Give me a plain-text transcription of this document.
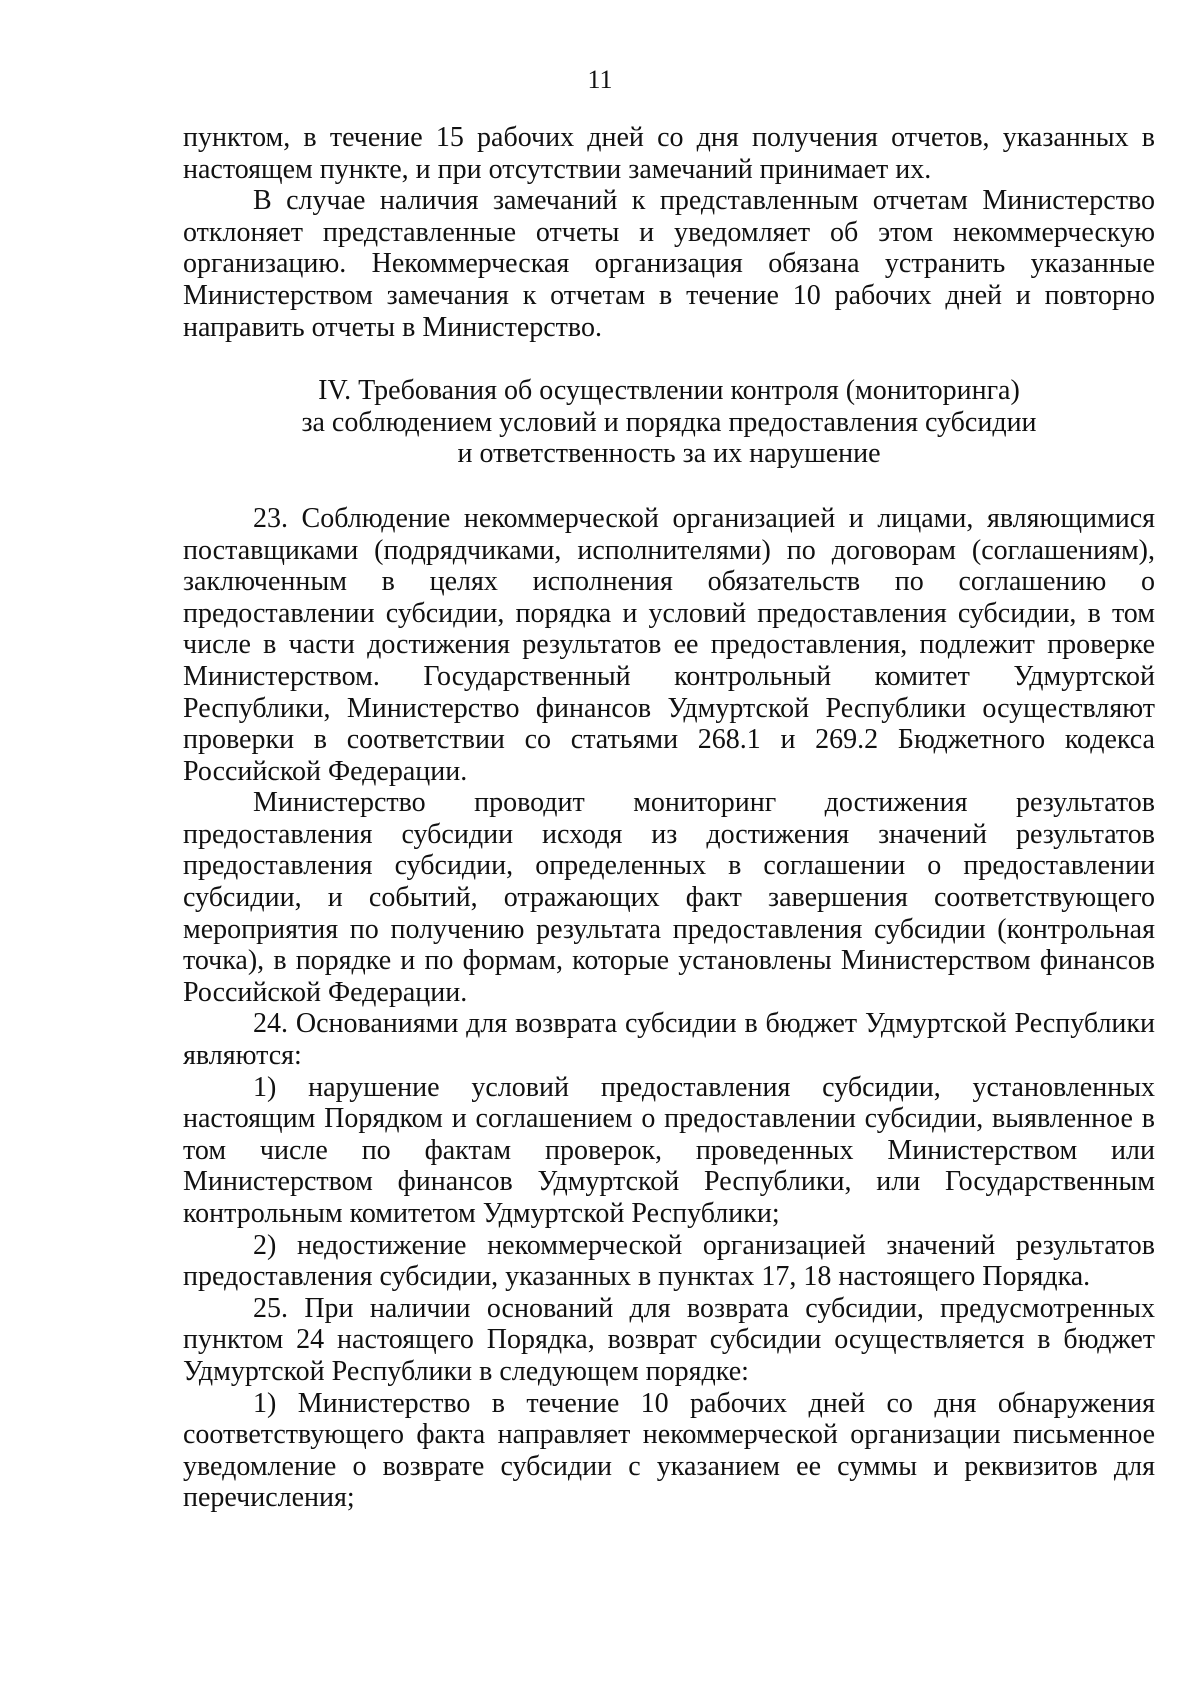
11

пунктом, в течение 15 рабочих дней со дня получения отчетов, указанных в настоящем пункте, и при отсутствии замечаний принимает их.

В случае наличия замечаний к представленным отчетам Министерство отклоняет представленные отчеты и уведомляет об этом некоммерческую организацию. Некоммерческая организация обязана устранить указанные Министерством замечания к отчетам в течение 10 рабочих дней и повторно направить отчеты в Министерство.

IV. Требования об осуществлении контроля (мониторинга)
за соблюдением условий и порядка предоставления субсидии
и ответственность за их нарушение

23. Соблюдение некоммерческой организацией и лицами, являющимися поставщиками (подрядчиками, исполнителями) по договорам (соглашениям), заключенным в целях исполнения обязательств по соглашению о предоставлении субсидии, порядка и условий предоставления субсидии, в том числе в части достижения результатов ее предоставления, подлежит проверке Министерством. Государственный контрольный комитет Удмуртской Республики, Министерство финансов Удмуртской Республики осуществляют проверки в соответствии со статьями 268.1 и 269.2 Бюджетного кодекса Российской Федерации.

Министерство проводит мониторинг достижения результатов предоставления субсидии исходя из достижения значений результатов предоставления субсидии, определенных в соглашении о предоставлении субсидии, и событий, отражающих факт завершения соответствующего мероприятия по получению результата предоставления субсидии (контрольная точка), в порядке и по формам, которые установлены Министерством финансов Российской Федерации.

24. Основаниями для возврата субсидии в бюджет Удмуртской Республики являются:

1) нарушение условий предоставления субсидии, установленных настоящим Порядком и соглашением о предоставлении субсидии, выявленное в том числе по фактам проверок, проведенных Министерством или Министерством финансов Удмуртской Республики, или Государственным контрольным комитетом Удмуртской Республики;

2) недостижение некоммерческой организацией значений результатов предоставления субсидии, указанных в пунктах 17, 18 настоящего Порядка.

25. При наличии оснований для возврата субсидии, предусмотренных пунктом 24 настоящего Порядка, возврат субсидии осуществляется в бюджет Удмуртской Республики в следующем порядке:

1) Министерство в течение 10 рабочих дней со дня обнаружения соответствующего факта направляет некоммерческой организации письменное уведомление о возврате субсидии с указанием ее суммы и реквизитов для перечисления;
